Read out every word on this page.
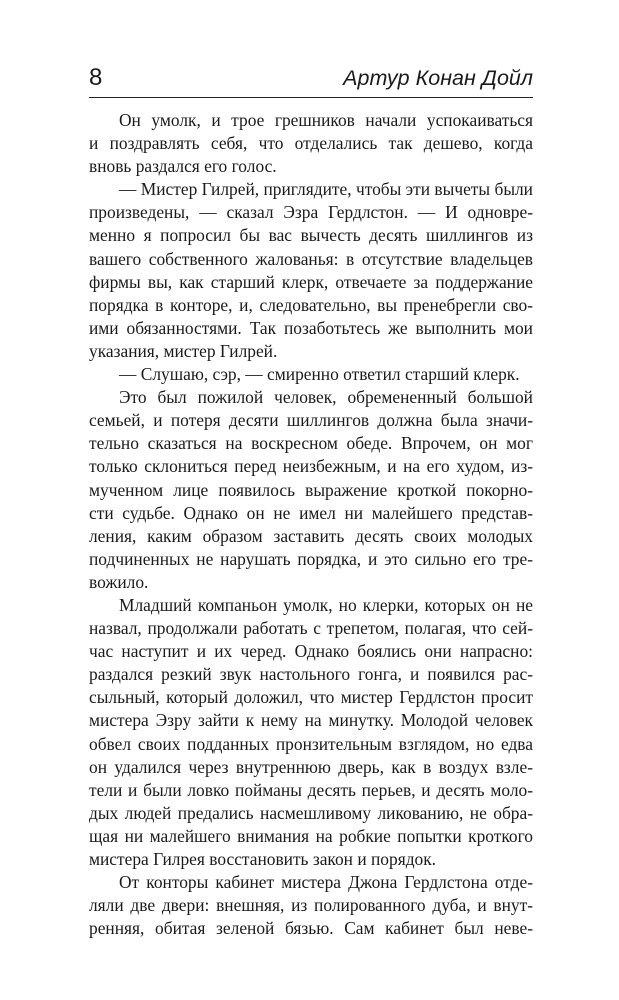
8	Артур Конан Дойл
Он умолк, и трое грешников начали успокаиваться
и поздравлять себя, что отделались так дешево, когда
вновь раздался его голос.
— Мистер Гилрей, приглядите, чтобы эти вычеты были
произведены, — сказал Эзра Гердлстон. — И одновре-
менно я попросил бы вас вычесть десять шиллингов из
вашего собственного жалованья: в отсутствие владельцев
фирмы вы, как старший клерк, отвечаете за поддержание
порядка в конторе, и, следовательно, вы пренебрегли сво-
ими обязанностями. Так позаботьтесь же выполнить мои
указания, мистер Гилрей.
— Слушаю, сэр, — смиренно ответил старший клерк.
Это был пожилой человек, обремененный большой
семьей, и потеря десяти шиллингов должна была значи-
тельно сказаться на воскресном обеде. Впрочем, он мог
только склониться перед неизбежным, и на его худом, из-
мученном лице появилось выражение кроткой покорно-
сти судьбе. Однако он не имел ни малейшего представ-
ления, каким образом заставить десять своих молодых
подчиненных не нарушать порядка, и это сильно его тре-
вожило.
Младший компаньон умолк, но клерки, которых он не
назвал, продолжали работать с трепетом, полагая, что сей-
час наступит и их черед. Однако боялись они напрасно:
раздался резкий звук настольного гонга, и появился рас-
сыльный, который доложил, что мистер Гердлстон просит
мистера Эзру зайти к нему на минутку. Молодой человек
обвел своих подданных пронзительным взглядом, но едва
он удалился через внутреннюю дверь, как в воздух взле-
тели и были ловко пойманы десять перьев, и десять моло-
дых людей предались насмешливому ликованию, не обра-
щая ни малейшего внимания на робкие попытки кроткого
мистера Гилрея восстановить закон и порядок.
От конторы кабинет мистера Джона Гердлстона отде-
ляли две двери: внешняя, из полированного дуба, и внут-
ренняя, обитая зеленой бязью. Сам кабинет был неве-
